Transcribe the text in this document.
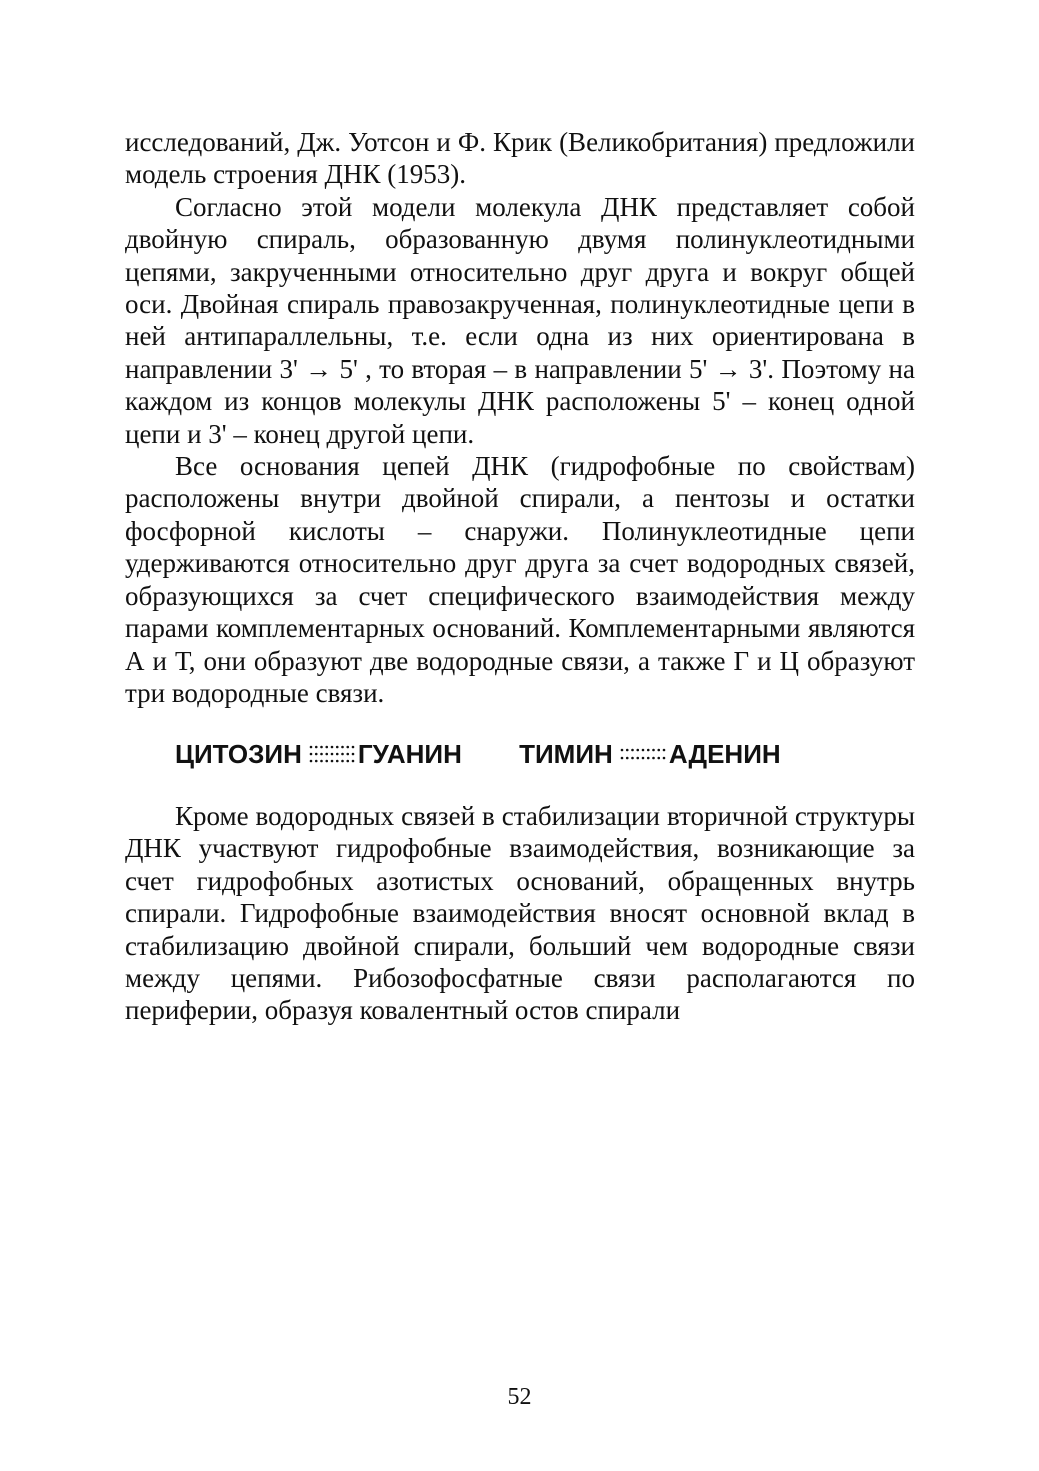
исследований, Дж. Уотсон и Ф. Крик (Великобритания) предложили модель строения ДНК (1953).

Согласно этой модели молекула ДНК представляет собой двойную спираль, образованную двумя полинуклеотидными цепями, закрученными относительно друг друга и вокруг общей оси. Двойная спираль правозакрученная, полинуклеотидные цепи в ней антипараллельны, т.е. если одна из них ориентирована в направлении 3' → 5' , то вторая – в направлении 5' → 3'. Поэтому на каждом из концов молекулы ДНК расположены 5' – конец одной цепи и 3' – конец другой цепи.

Все основания цепей ДНК (гидрофобные по свойствам) расположены внутри двойной спирали, а пентозы и остатки фосфорной кислоты – снаружи. Полинуклеотидные цепи удерживаются относительно друг друга за счет водородных связей, образующихся за счет специфического взаимодействия между парами комплементарных оснований. Комплементарными являются А и Т, они образуют две водородные связи, а также Г и Ц образуют три водородные связи.

ЦИТОЗИН ГУАНИН ТИМИН АДЕНИН

Кроме водородных связей в стабилизации вторичной структуры ДНК участвуют гидрофобные взаимодействия, возникающие за счет гидрофобных азотистых оснований, обращенных внутрь спирали. Гидрофобные взаимодействия вносят основной вклад в стабилизацию двойной спирали, больший чем водородные связи между цепями. Рибозофосфатные связи располагаются по периферии, образуя ковалентный остов спирали

52
